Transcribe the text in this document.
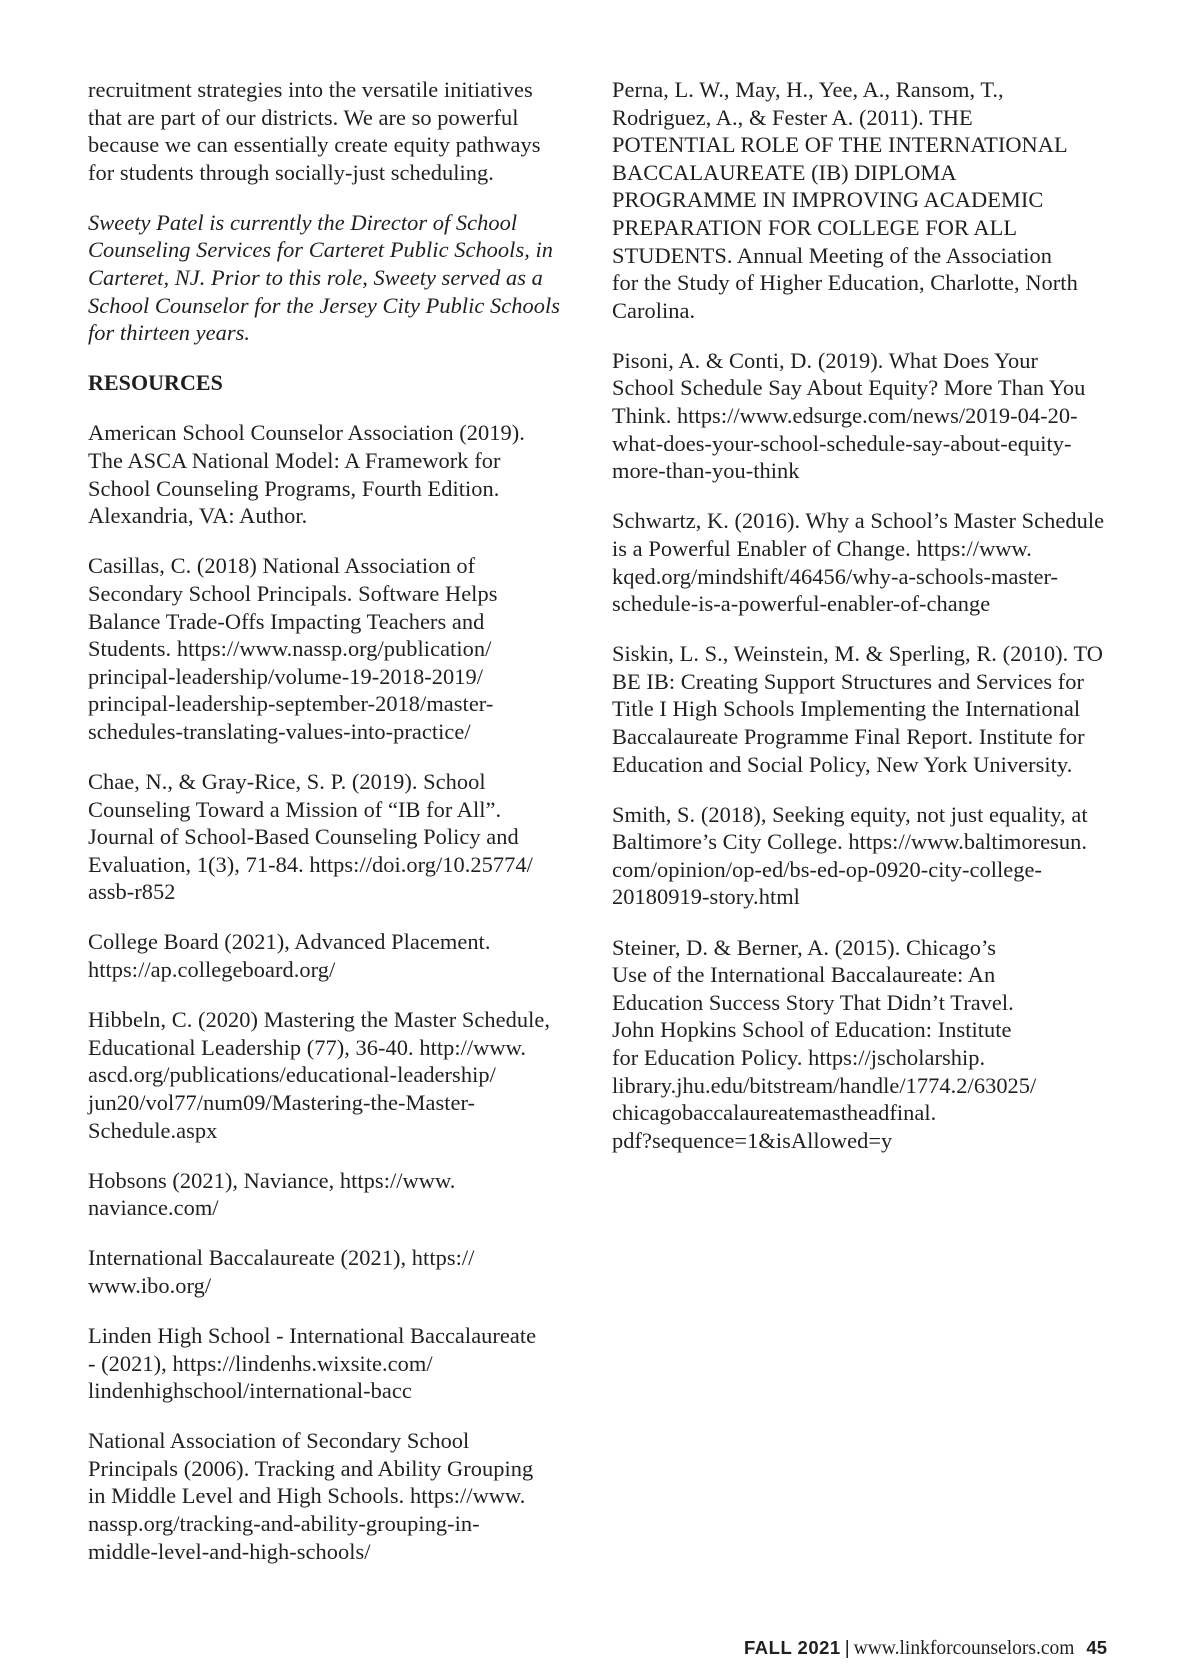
recruitment strategies into the versatile initiatives
that are part of our districts. We are so powerful
because we can essentially create equity pathways
for students through socially-just scheduling.

Sweety Patel is currently the Director of School
Counseling Services for Carteret Public Schools, in
Carteret, NJ. Prior to this role, Sweety served as a
School Counselor for the Jersey City Public Schools
for thirteen years.

RESOURCES

American School Counselor Association (2019).
The ASCA National Model: A Framework for
School Counseling Programs, Fourth Edition.
Alexandria, VA: Author.

Casillas, C. (2018) National Association of
Secondary School Principals. Software Helps
Balance Trade-Offs Impacting Teachers and
Students. https://www.nassp.org/publication/
principal-leadership/volume-19-2018-2019/
principal-leadership-september-2018/master-
schedules-translating-values-into-practice/

Chae, N., & Gray-Rice, S. P. (2019). School
Counseling Toward a Mission of “IB for All”.
Journal of School-Based Counseling Policy and
Evaluation, 1(3), 71-84. https://doi.org/10.25774/
assb-r852

College Board (2021), Advanced Placement.
https://ap.collegeboard.org/

Hibbeln, C. (2020) Mastering the Master Schedule,
Educational Leadership (77), 36-40. http://www.
ascd.org/publications/educational-leadership/
jun20/vol77/num09/Mastering-the-Master-
Schedule.aspx

Hobsons (2021), Naviance, https://www.
naviance.com/

International Baccalaureate (2021), https://
www.ibo.org/

Linden High School - International Baccalaureate
- (2021), https://lindenhs.wixsite.com/
lindenhighschool/international-bacc

National Association of Secondary School
Principals (2006). Tracking and Ability Grouping
in Middle Level and High Schools. https://www.
nassp.org/tracking-and-ability-grouping-in-
middle-level-and-high-schools/

Perna, L. W., May, H., Yee, A., Ransom, T.,
Rodriguez, A., & Fester A. (2011). THE
POTENTIAL ROLE OF THE INTERNATIONAL
BACCALAUREATE (IB) DIPLOMA
PROGRAMME IN IMPROVING ACADEMIC
PREPARATION FOR COLLEGE FOR ALL
STUDENTS. Annual Meeting of the Association
for the Study of Higher Education, Charlotte, North
Carolina.

Pisoni, A. & Conti, D. (2019). What Does Your
School Schedule Say About Equity? More Than You
Think. https://www.edsurge.com/news/2019-04-20-
what-does-your-school-schedule-say-about-equity-
more-than-you-think

Schwartz, K. (2016). Why a School’s Master Schedule
is a Powerful Enabler of Change. https://www.
kqed.org/mindshift/46456/why-a-schools-master-
schedule-is-a-powerful-enabler-of-change

Siskin, L. S., Weinstein, M. & Sperling, R. (2010). TO
BE IB: Creating Support Structures and Services for
Title I High Schools Implementing the International
Baccalaureate Programme Final Report. Institute for
Education and Social Policy, New York University.

Smith, S. (2018), Seeking equity, not just equality, at
Baltimore’s City College. https://www.baltimoresun.
com/opinion/op-ed/bs-ed-op-0920-city-college-
20180919-story.html

Steiner, D. & Berner, A. (2015). Chicago’s
Use of the International Baccalaureate: An
Education Success Story That Didn’t Travel.
John Hopkins School of Education: Institute
for Education Policy. https://jscholarship.
library.jhu.edu/bitstream/handle/1774.2/63025/
chicagobaccalaureatemastheadfinal.
pdf?sequence=1&isAllowed=y

FALL 2021 | www.linkforcounselors.com 45
